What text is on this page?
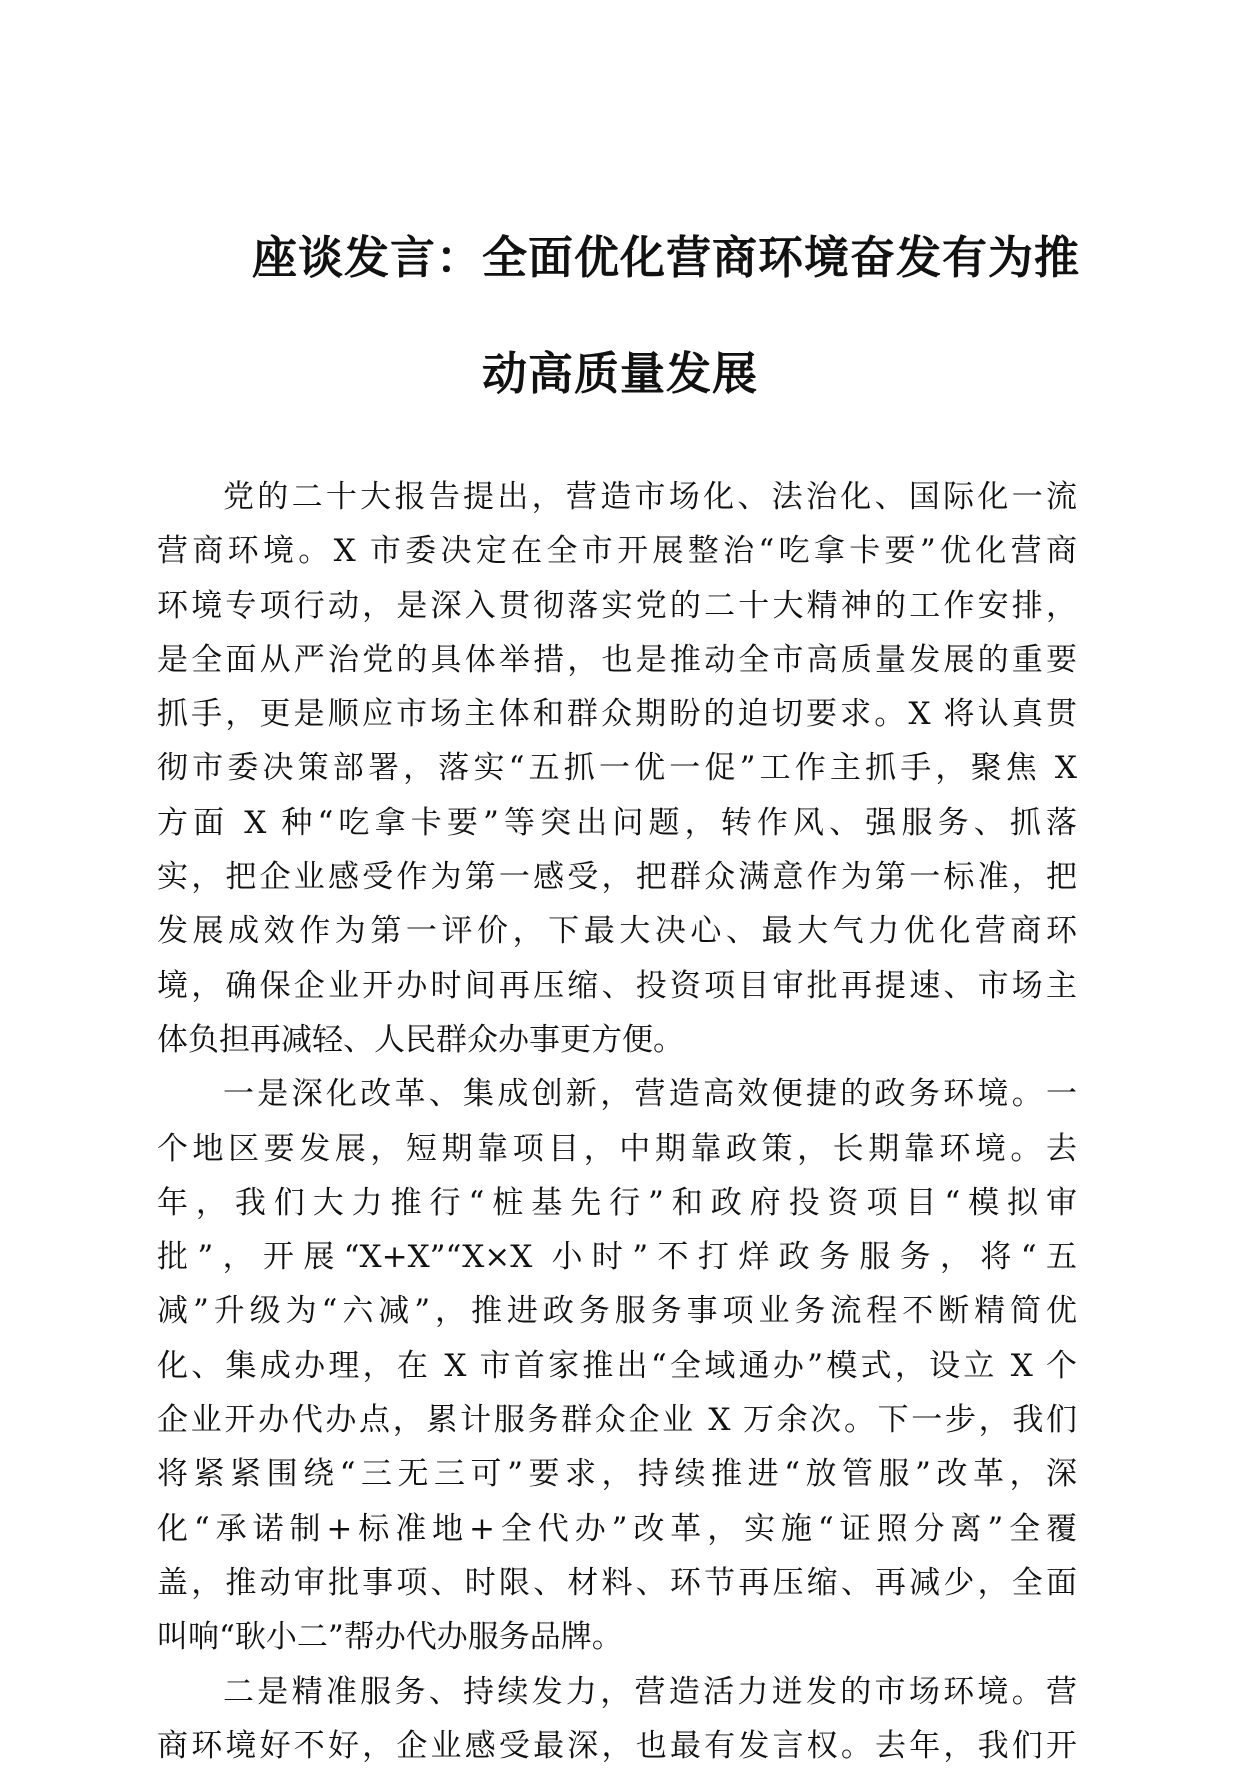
座谈发言：全面优化营商环境奋发有为推
动高质量发展
党的二十大报告提出，营造市场化、法治化、国际化一流
营商环境。X 市委决定在全市开展整治“吃拿卡要”优化营商
环境专项行动，是深入贯彻落实党的二十大精神的工作安排，
是全面从严治党的具体举措，也是推动全市高质量发展的重要
抓手，更是顺应市场主体和群众期盼的迫切要求。X 将认真贯
彻市委决策部署，落实“五抓一优一促”工作主抓手，聚焦 X
方面 X 种“吃拿卡要”等突出问题，转作风、强服务、抓落
实，把企业感受作为第一感受，把群众满意作为第一标准，把
发展成效作为第一评价，下最大决心、最大气力优化营商环
境，确保企业开办时间再压缩、投资项目审批再提速、市场主
体负担再减轻、人民群众办事更方便。
一是深化改革、集成创新，营造高效便捷的政务环境。一
个地区要发展，短期靠项目，中期靠政策，长期靠环境。去
年，我们大力推行“桩基先行”和政府投资项目“模拟审
批”，开展“X+X”“X×X 小时”不打烊政务服务，将“五
减”升级为“六减”，推进政务服务事项业务流程不断精简优
化、集成办理，在 X 市首家推出“全域通办”模式，设立 X 个
企业开办代办点，累计服务群众企业 X 万余次。下一步，我们
将紧紧围绕“三无三可”要求，持续推进“放管服”改革，深
化“承诺制+标准地+全代办”改革，实施“证照分离”全覆
盖，推动审批事项、时限、材料、环节再压缩、再减少，全面
叫响“耿小二”帮办代办服务品牌。
二是精准服务、持续发力，营造活力迸发的市场环境。营
商环境好不好，企业感受最深，也最有发言权。去年，我们开
